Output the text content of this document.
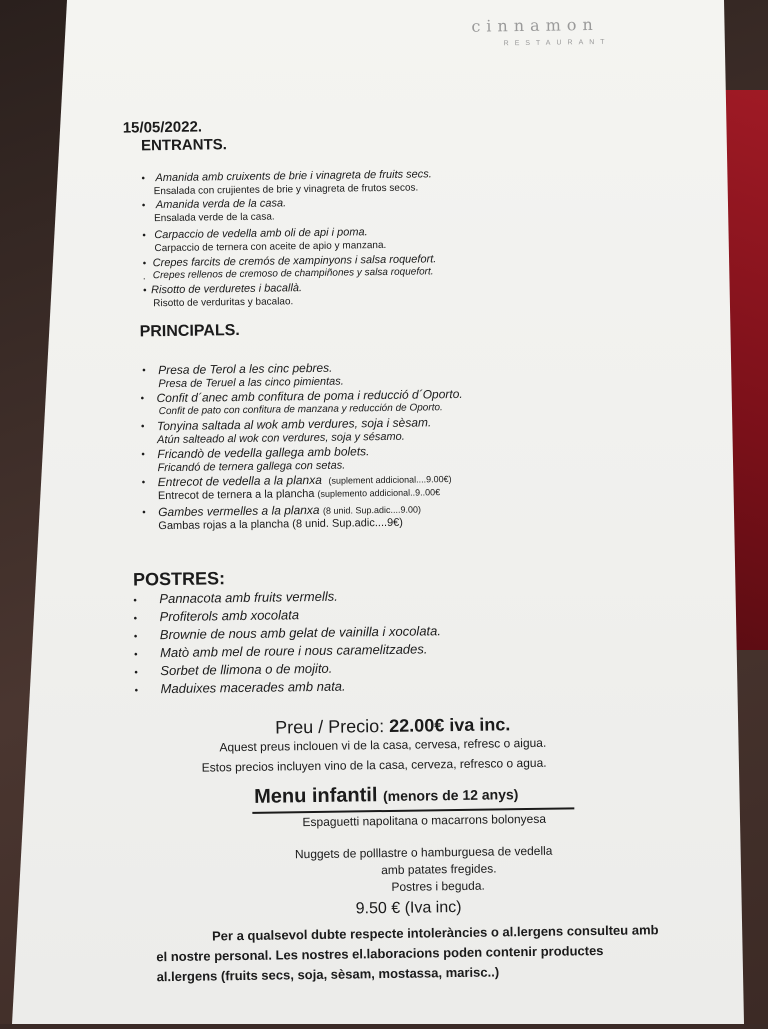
cinnamon
RESTAURANT
15/05/2022.
ENTRANTS.
• Amanida amb cruixents de brie i vinagreta de fruits secs.
Ensalada con crujientes de brie y vinagreta de frutos secos.
• Amanida verda de la casa.
Ensalada verde de la casa.
• Carpaccio de vedella amb oli de api i poma.
Carpaccio de ternera con aceite de apio y manzana.
• Crepes farcits de cremós de xampinyons i salsa roquefort.
. Crepes rellenos de cremoso de champiñones y salsa roquefort.
• Risotto de verduretes i bacallà.
Risotto de verduritas y bacalao.
PRINCIPALS.
• Presa de Terol a les cinc pebres.
Presa de Teruel a las cinco pimientas.
• Confit d´anec amb confitura de poma i reducció d´Oporto.
Confit de pato con confitura de manzana y reducción de Oporto.
• Tonyina saltada al wok amb verdures, soja i sèsam.
Atún salteado al wok con verdures, soja y sésamo.
• Fricandò de vedella gallega amb bolets.
Fricandó de ternera gallega con setas.
• Entrecot de vedella a la planxa (suplement addicional....9.00€)
Entrecot de ternera a la plancha (suplemento addicional..9..00€
• Gambes vermelles a la planxa (8 unid. Sup.adic....9.00)
Gambas rojas a la plancha (8 unid. Sup.adic....9€)
POSTRES:
• Pannacota amb fruits vermells.
• Profiterols amb xocolata
• Brownie de nous amb gelat de vainilla i xocolata.
• Matò amb mel de roure i nous caramelitzades.
• Sorbet de llimona o de mojito.
• Maduixes macerades amb nata.
Preu / Precio: 22.00€ iva inc.
Aquest preus inclouen vi de la casa, cervesa, refresc o aigua.
Estos precios incluyen vino de la casa, cerveza, refresco o agua.
Menu infantil (menors de 12 anys)
Espaguetti napolitana o macarrons bolonyesa
Nuggets de polllastre o hamburguesa de vedella
amb patates fregides.
Postres i beguda.
9.50 € (Iva inc)
Per a qualsevol dubte respecte intoleràncies o al.lergens consulteu amb
el nostre personal. Les nostres el.laboracions poden contenir productes
al.lergens (fruits secs, soja, sèsam, mostassa, marisc..)
